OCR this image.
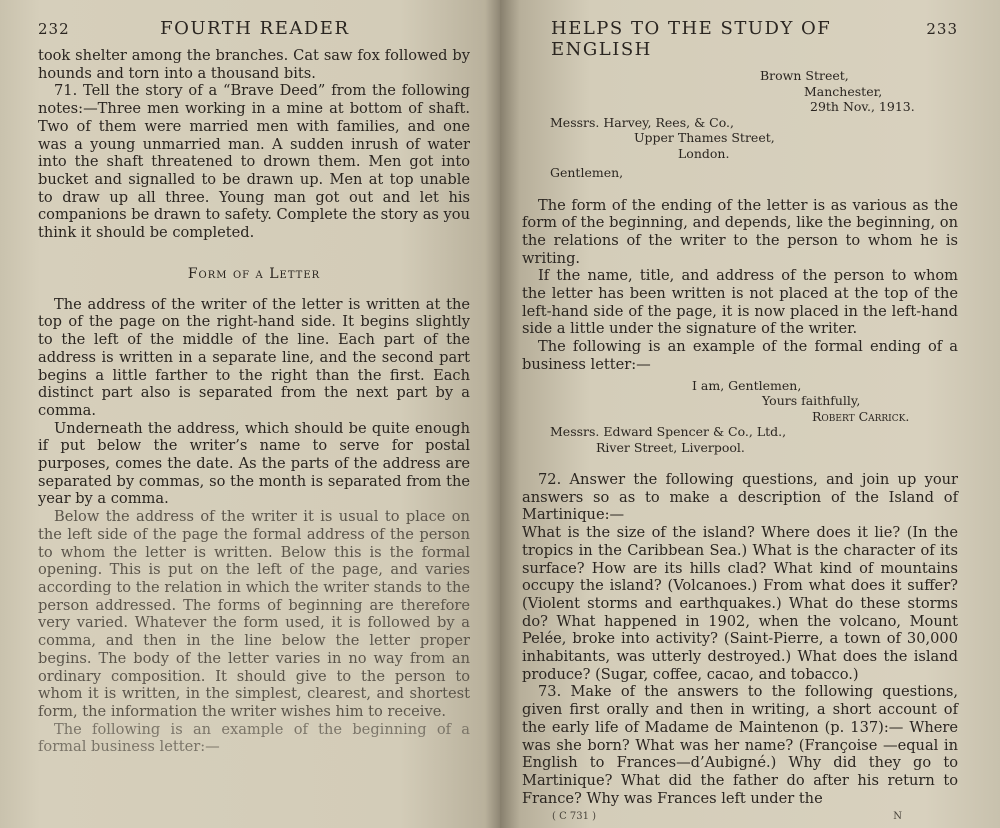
232	FOURTH READER

took shelter among the branches. Cat saw fox followed by hounds and torn into a thousand bits.

71. Tell the story of a “Brave Deed” from the following notes:—Three men working in a mine at bottom of shaft. Two of them were married men with families, and one was a young unmarried man. A sudden inrush of water into the shaft threatened to drown them. Men got into bucket and signalled to be drawn up. Men at top unable to draw up all three. Young man got out and let his companions be drawn to safety. Complete the story as you think it should be completed.

Form of a Letter

The address of the writer of the letter is written at the top of the page on the right-hand side. It begins slightly to the left of the middle of the line. Each part of the address is written in a separate line, and the second part begins a little farther to the right than the first. Each distinct part also is separated from the next part by a comma.

Underneath the address, which should be quite enough if put below the writer’s name to serve for postal purposes, comes the date. As the parts of the address are separated by commas, so the month is separated from the year by a comma.

Below the address of the writer it is usual to place on the left side of the page the formal address of the person to whom the letter is written. Below this is the formal opening. This is put on the left of the page, and varies according to the relation in which the writer stands to the person addressed. The forms of beginning are therefore very varied. Whatever the form used, it is followed by a comma, and then in the line below the letter proper begins. The body of the letter varies in no way from an ordinary composition. It should give to the person to whom it is written, in the simplest, clearest, and shortest form, the information the writer wishes him to receive.

The following is an example of the beginning of a formal business letter:—

HELPS TO THE STUDY OF ENGLISH
233
Brown Street,
Manchester,
29th Nov., 1913.
Messrs. Harvey, Rees, & Co.,
Upper Thames Street,
London.
Gentlemen,

The form of the ending of the letter is as various as the form of the beginning, and depends, like the beginning, on the relations of the writer to the person to whom he is writing.

If the name, title, and address of the person to whom the letter has been written is not placed at the top of the left-hand side of the page, it is now placed in the left-hand side a little under the signature of the writer.

The following is an example of the formal ending of a business letter:—

I am, Gentlemen,
Yours faithfully,
Robert Carrick.
Messrs. Edward Spencer & Co., Ltd.,
River Street, Liverpool.

72. Answer the following questions, and join up your answers so as to make a description of the Island of Martinique:—

What is the size of the island? Where does it lie? (In the tropics in the Caribbean Sea.) What is the character of its surface? How are its hills clad? What kind of mountains occupy the island? (Volcanoes.) From what does it suffer? (Violent storms and earthquakes.) What do these storms do? What happened in 1902, when the volcano, Mount Pelée, broke into activity? (Saint-Pierre, a town of 30,000 inhabitants, was utterly destroyed.) What does the island produce? (Sugar, coffee, cacao, and tobacco.)

73. Make of the answers to the following questions, given first orally and then in writing, a short account of the early life of Madame de Maintenon (p. 137):— Where was she born? What was her name? (Françoise —equal in English to Frances—d’Aubigné.) Why did they go to Martinique? What did the father do after his return to France? Why was Frances left under the

( C 731 )	N
